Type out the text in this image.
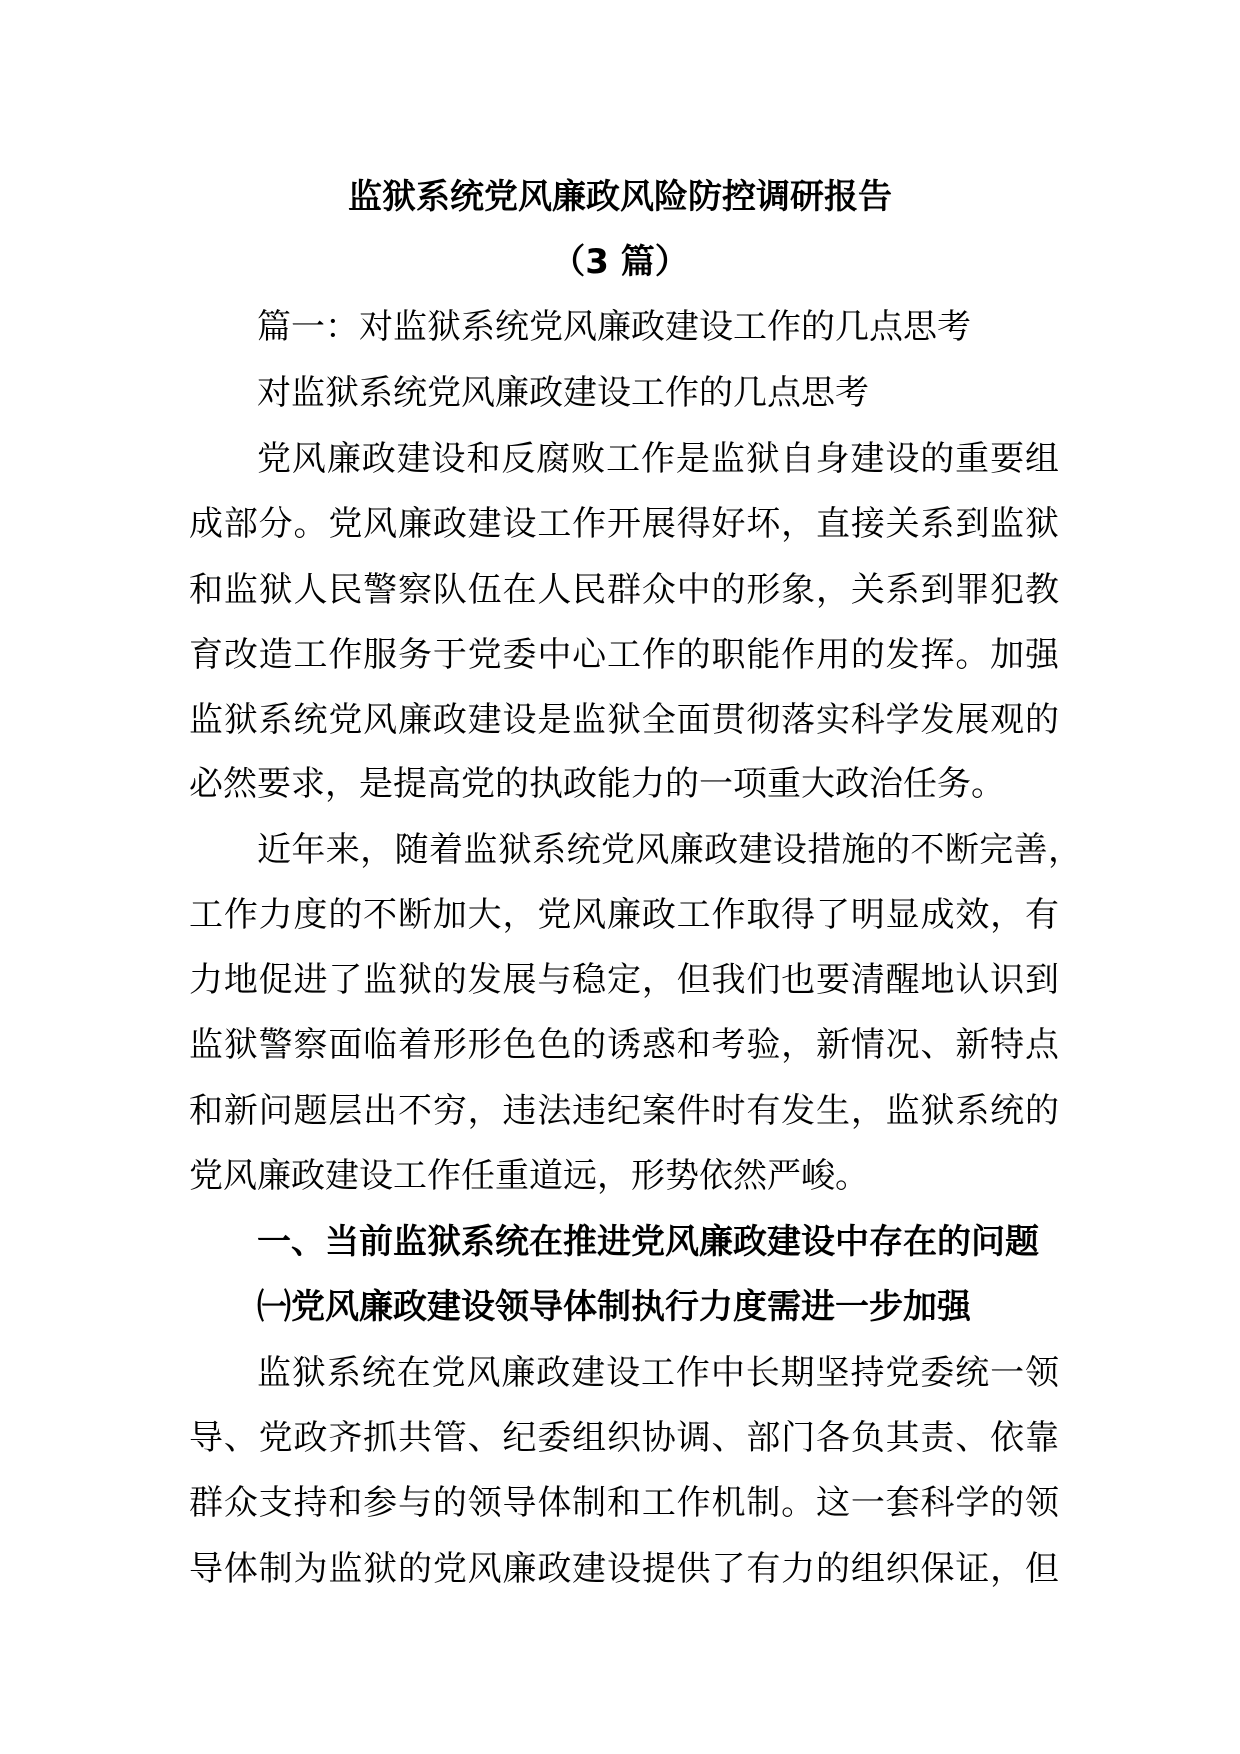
监狱系统党风廉政风险防控调研报告
（3 篇）
篇一：对监狱系统党风廉政建设工作的几点思考
对监狱系统党风廉政建设工作的几点思考
党风廉政建设和反腐败工作是监狱自身建设的重要组
成部分。党风廉政建设工作开展得好坏，直接关系到监狱
和监狱人民警察队伍在人民群众中的形象，关系到罪犯教
育改造工作服务于党委中心工作的职能作用的发挥。加强
监狱系统党风廉政建设是监狱全面贯彻落实科学发展观的
必然要求，是提高党的执政能力的一项重大政治任务。
近年来，随着监狱系统党风廉政建设措施的不断完善，
工作力度的不断加大，党风廉政工作取得了明显成效，有
力地促进了监狱的发展与稳定，但我们也要清醒地认识到
监狱警察面临着形形色色的诱惑和考验，新情况、新特点
和新问题层出不穷，违法违纪案件时有发生，监狱系统的
党风廉政建设工作任重道远，形势依然严峻。
一、当前监狱系统在推进党风廉政建设中存在的问题
㈠党风廉政建设领导体制执行力度需进一步加强
监狱系统在党风廉政建设工作中长期坚持党委统一领
导、党政齐抓共管、纪委组织协调、部门各负其责、依靠
群众支持和参与的领导体制和工作机制。这一套科学的领
导体制为监狱的党风廉政建设提供了有力的组织保证，但
